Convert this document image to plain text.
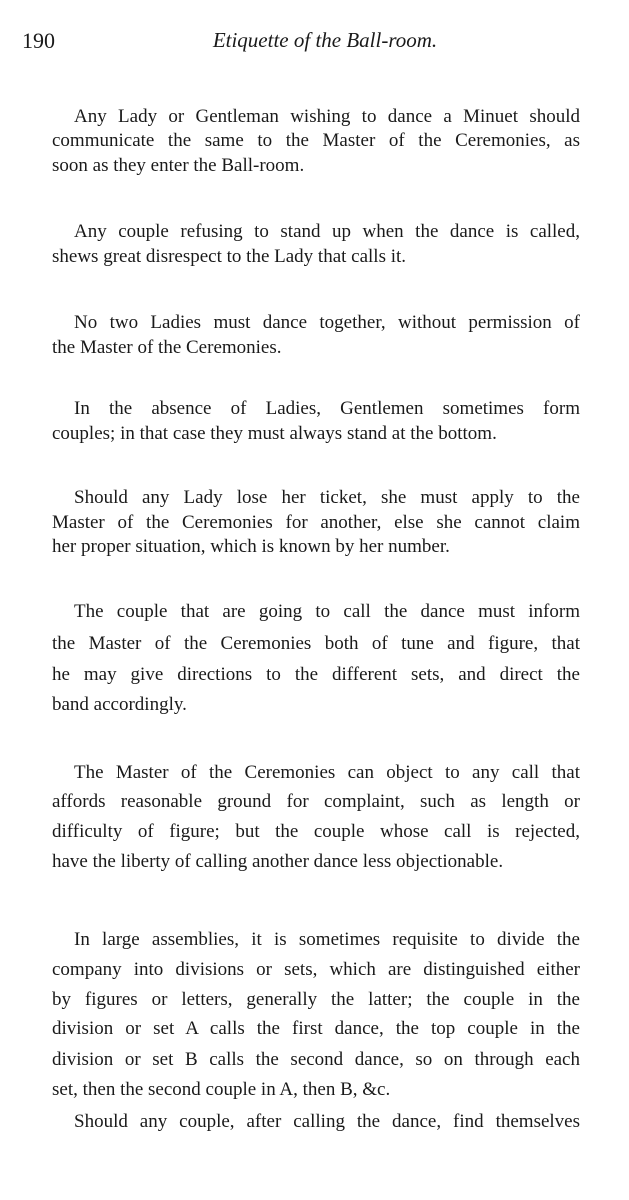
190	Etiquette of the Ball-room.
Any Lady or Gentleman wishing to dance a Minuet should
communicate the same to the Master of the Ceremonies, as
soon as they enter the Ball-room.
Any couple refusing to stand up when the dance is called,
shews great disrespect to the Lady that calls it.
No two Ladies must dance together, without permission of
the Master of the Ceremonies.
In the absence of Ladies, Gentlemen sometimes form
couples; in that case they must always stand at the bottom.
Should any Lady lose her ticket, she must apply to the
Master of the Ceremonies for another, else she cannot claim
her proper situation, which is known by her number.
The couple that are going to call the dance must inform
the Master of the Ceremonies both of tune and figure, that
he may give directions to the different sets, and direct the
band accordingly.
The Master of the Ceremonies can object to any call that
affords reasonable ground for complaint, such as length or
difficulty of figure; but the couple whose call is rejected,
have the liberty of calling another dance less objectionable.
In large assemblies, it is sometimes requisite to divide the
company into divisions or sets, which are distinguished either
by figures or letters, generally the latter; the couple in the
division or set A calls the first dance, the top couple in the
division or set B calls the second dance, so on through each
set, then the second couple in A, then B, &c.
Should any couple, after calling the dance, find themselves
